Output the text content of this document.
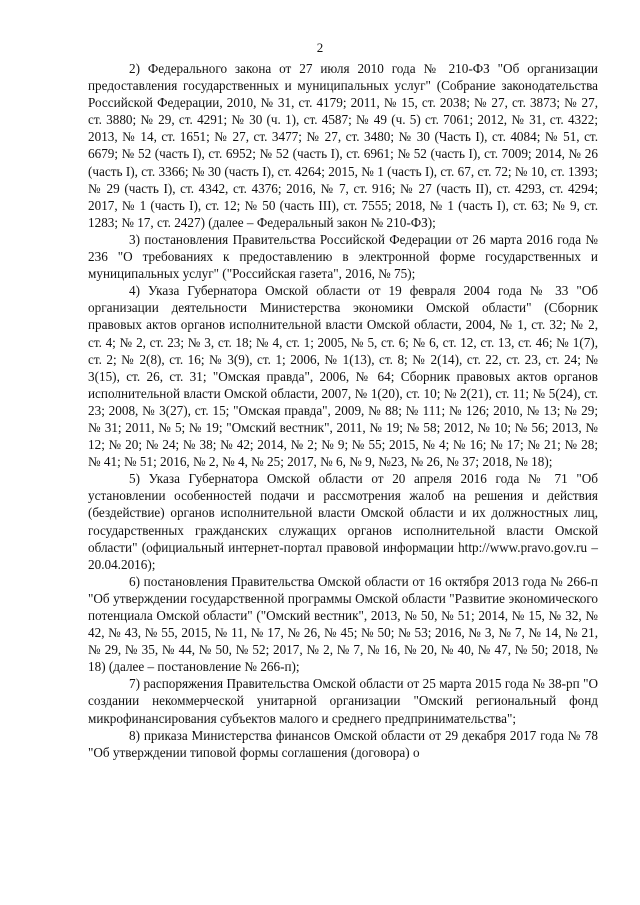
2

2) Федерального закона от 27 июля 2010 года № 210-ФЗ "Об организации предоставления государственных и муниципальных услуг" (Собрание законодательства Российской Федерации, 2010, № 31, ст. 4179; 2011, № 15, ст. 2038; № 27, ст. 3873; № 27, ст. 3880; № 29, ст. 4291; № 30 (ч. 1), ст. 4587; № 49 (ч. 5) ст. 7061; 2012, № 31, ст. 4322; 2013, № 14, ст. 1651; № 27, ст. 3477; № 27, ст. 3480; № 30 (Часть I), ст. 4084; № 51, ст. 6679; № 52 (часть I), ст. 6952; № 52 (часть I), ст. 6961; № 52 (часть I), ст. 7009; 2014, № 26 (часть I), ст. 3366; № 30 (часть I), ст. 4264; 2015, № 1 (часть I), ст. 67, ст. 72; № 10, ст. 1393; № 29 (часть I), ст. 4342, ст. 4376; 2016, № 7, ст. 916; № 27 (часть II), ст. 4293, ст. 4294; 2017, № 1 (часть I), ст. 12; № 50 (часть III), ст. 7555; 2018, № 1 (часть I), ст. 63; № 9, ст. 1283; № 17, ст. 2427) (далее – Федеральный закон № 210-ФЗ);

3) постановления Правительства Российской Федерации от 26 марта 2016 года № 236 "О требованиях к предоставлению в электронной форме государственных и муниципальных услуг" ("Российская газета", 2016, № 75);

4) Указа Губернатора Омской области от 19 февраля 2004 года № 33 "Об организации деятельности Министерства экономики Омской области" (Сборник правовых актов органов исполнительной власти Омской области, 2004, № 1, ст. 32; № 2, ст. 4; № 2, ст. 23; № 3, ст. 18; № 4, ст. 1; 2005, № 5, ст. 6; № 6, ст. 12, ст. 13, ст. 46; № 1(7), ст. 2; № 2(8), ст. 16; № 3(9), ст. 1; 2006, № 1(13), ст. 8; № 2(14), ст. 22, ст. 23, ст. 24; № 3(15), ст. 26, ст. 31; "Омская правда", 2006, № 64; Сборник правовых актов органов исполнительной власти Омской области, 2007, № 1(20), ст. 10; № 2(21), ст. 11; № 5(24), ст. 23; 2008, № 3(27), ст. 15; "Омская правда", 2009, № 88; № 111; № 126; 2010, № 13; № 29; № 31; 2011, № 5; № 19; "Омский вестник", 2011, № 19; № 58; 2012, № 10; № 56; 2013, № 12; № 20; № 24; № 38; № 42; 2014, № 2; № 9; № 55; 2015, № 4; № 16; № 17; № 21; № 28; № 41; № 51; 2016, № 2, № 4, № 25; 2017, № 6, № 9, №23, № 26, № 37; 2018, № 18);

5) Указа Губернатора Омской области от 20 апреля 2016 года № 71 "Об установлении особенностей подачи и рассмотрения жалоб на решения и действия (бездействие) органов исполнительной власти Омской области и их должностных лиц, государственных гражданских служащих органов исполнительной власти Омской области" (официальный интернет-портал правовой информации http://www.pravo.gov.ru – 20.04.2016);

6) постановления Правительства Омской области от 16 октября 2013 года № 266-п "Об утверждении государственной программы Омской области "Развитие экономического потенциала Омской области" ("Омский вестник", 2013, № 50, № 51; 2014, № 15, № 32, № 42, № 43, № 55, 2015, № 11, № 17, № 26, № 45; № 50; № 53; 2016, № 3, № 7, № 14, № 21, № 29, № 35, № 44, № 50, № 52; 2017, № 2, № 7, № 16, № 20, № 40, № 47, № 50; 2018, № 18) (далее – постановление № 266-п);

7) распоряжения Правительства Омской области от 25 марта 2015 года № 38-рп "О создании некоммерческой унитарной организации "Омский региональный фонд микрофинансирования субъектов малого и среднего предпринимательства";

8) приказа Министерства финансов Омской области от 29 декабря 2017 года № 78 "Об утверждении типовой формы соглашения (договора) о
